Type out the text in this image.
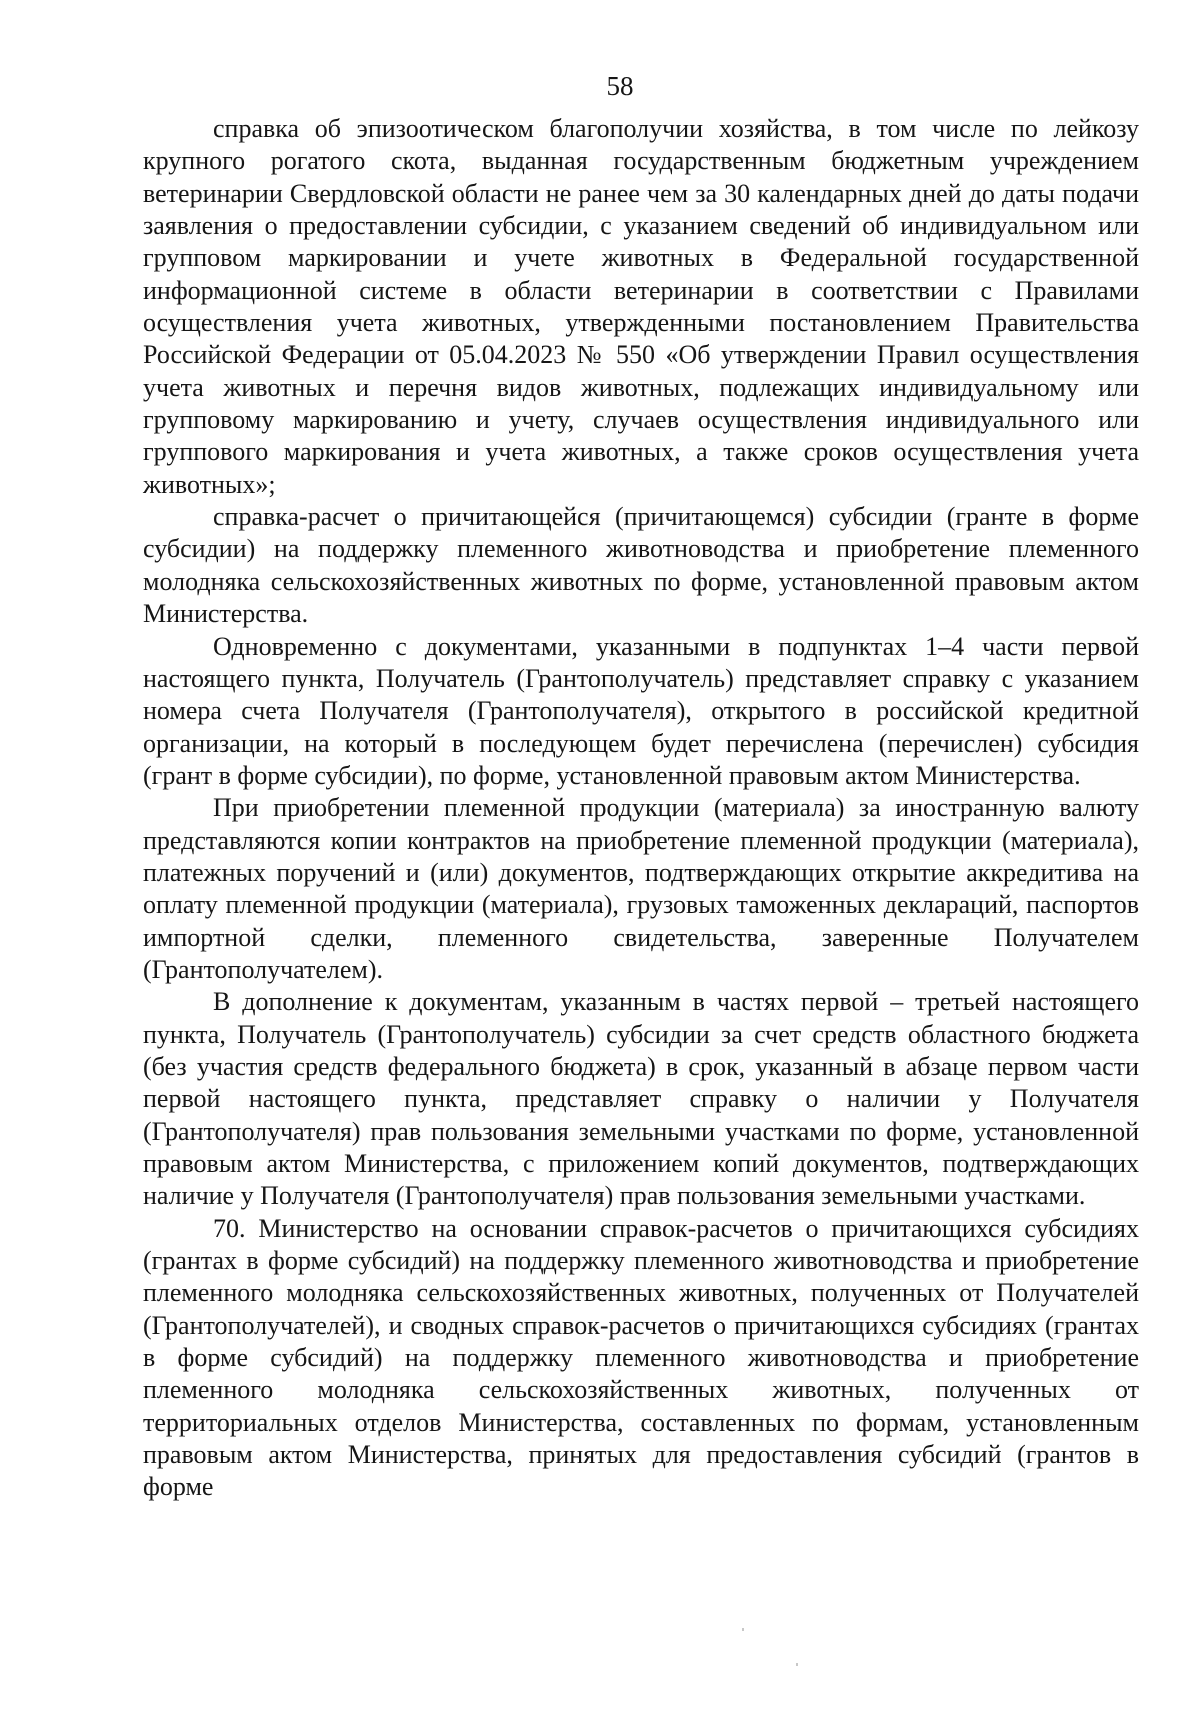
58

справка об эпизоотическом благополучии хозяйства, в том числе по лейкозу крупного рогатого скота, выданная государственным бюджетным учреждением ветеринарии Свердловской области не ранее чем за 30 календарных дней до даты подачи заявления о предоставлении субсидии, с указанием сведений об индивидуальном или групповом маркировании и учете животных в Федеральной государственной информационной системе в области ветеринарии в соответствии с Правилами осуществления учета животных, утвержденными постановлением Правительства Российской Федерации от 05.04.2023 № 550 «Об утверждении Правил осуществления учета животных и перечня видов животных, подлежащих индивидуальному или групповому маркированию и учету, случаев осуществления индивидуального или группового маркирования и учета животных, а также сроков осуществления учета животных»;

справка-расчет о причитающейся (причитающемся) субсидии (гранте в форме субсидии) на поддержку племенного животноводства и приобретение племенного молодняка сельскохозяйственных животных по форме, установленной правовым актом Министерства.

Одновременно с документами, указанными в подпунктах 1–4 части первой настоящего пункта, Получатель (Грантополучатель) представляет справку с указанием номера счета Получателя (Грантополучателя), открытого в российской кредитной организации, на который в последующем будет перечислена (перечислен) субсидия (грант в форме субсидии), по форме, установленной правовым актом Министерства.

При приобретении племенной продукции (материала) за иностранную валюту представляются копии контрактов на приобретение племенной продукции (материала), платежных поручений и (или) документов, подтверждающих открытие аккредитива на оплату племенной продукции (материала), грузовых таможенных деклараций, паспортов импортной сделки, племенного свидетельства, заверенные Получателем (Грантополучателем).

В дополнение к документам, указанным в частях первой – третьей настоящего пункта, Получатель (Грантополучатель) субсидии за счет средств областного бюджета (без участия средств федерального бюджета) в срок, указанный в абзаце первом части первой настоящего пункта, представляет справку о наличии у Получателя (Грантополучателя) прав пользования земельными участками по форме, установленной правовым актом Министерства, с приложением копий документов, подтверждающих наличие у Получателя (Грантополучателя) прав пользования земельными участками.

70. Министерство на основании справок-расчетов о причитающихся субсидиях (грантах в форме субсидий) на поддержку племенного животноводства и приобретение племенного молодняка сельскохозяйственных животных, полученных от Получателей (Грантополучателей), и сводных справок-расчетов о причитающихся субсидиях (грантах в форме субсидий) на поддержку племенного животноводства и приобретение племенного молодняка сельскохозяйственных животных, полученных от территориальных отделов Министерства, составленных по формам, установленным правовым актом Министерства, принятых для предоставления субсидий (грантов в форме
